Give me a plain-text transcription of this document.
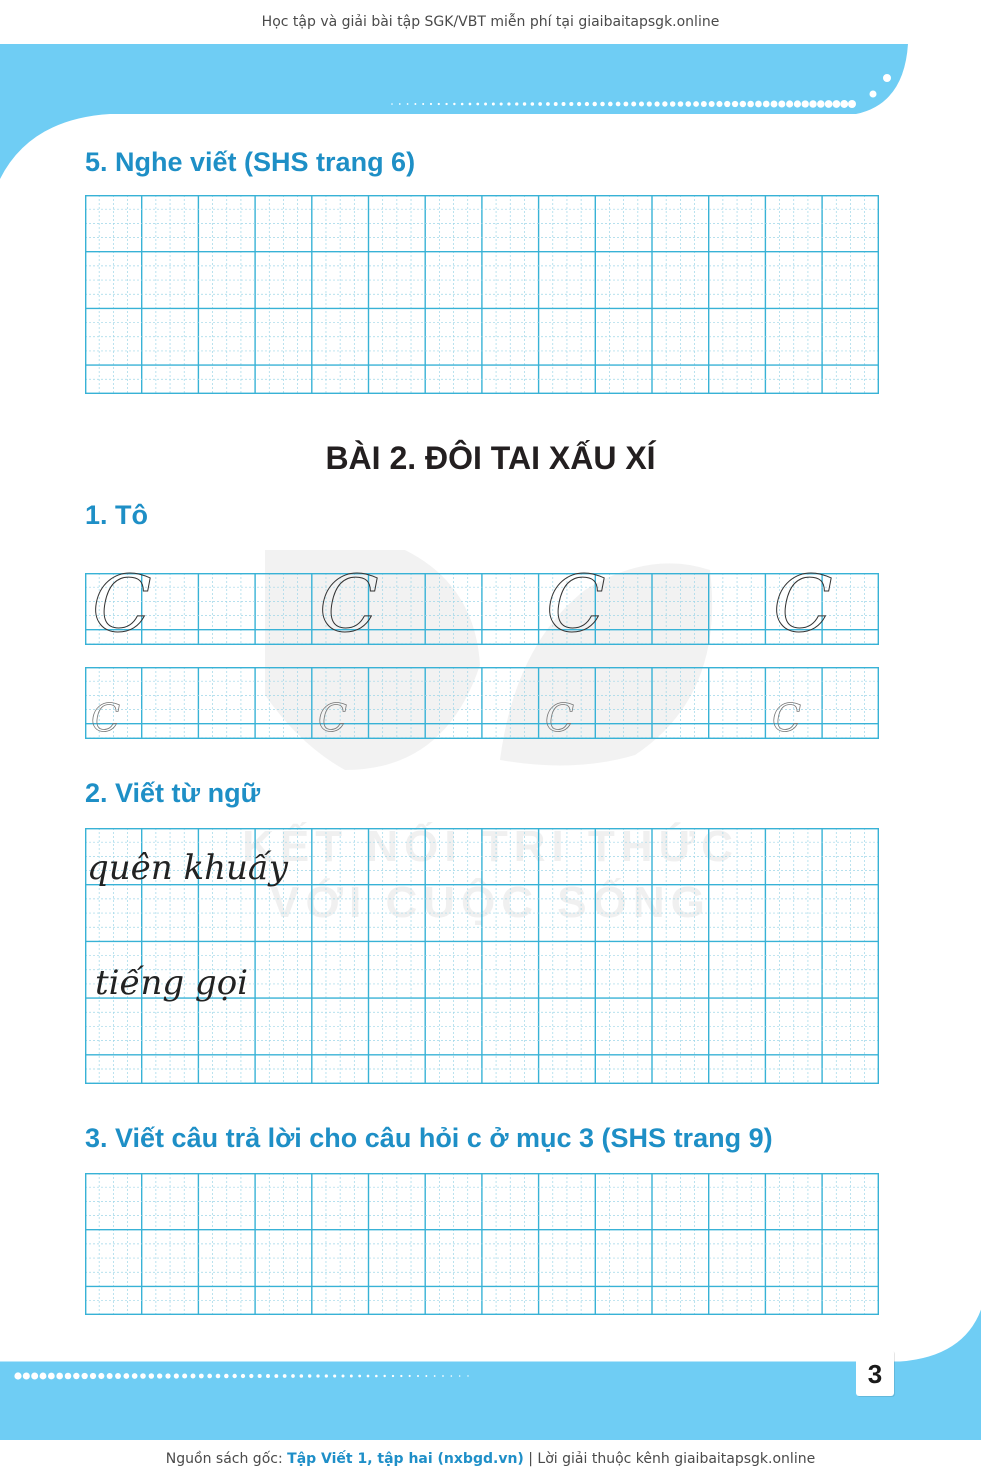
Học tập và giải bài tập SGK/VBT miễn phí tại giaibaitapsgk.online
KẾT NỐI TRI THỨC
VỚI CUỘC SỐNG
5. Nghe viết (SHS trang 6)
BÀI 2. ĐÔI TAI XẤU XÍ
1. Tô
C C C C
C	C	C	C
2. Viết từ ngữ
quên khuấy
tiếng gọi
3. Viết câu trả lời cho câu hỏi c ở mục 3 (SHS trang 9)
3
Nguồn sách gốc: Tập Viết 1, tập hai (nxbgd.vn) | Lời giải thuộc kênh giaibaitapsgk.online
